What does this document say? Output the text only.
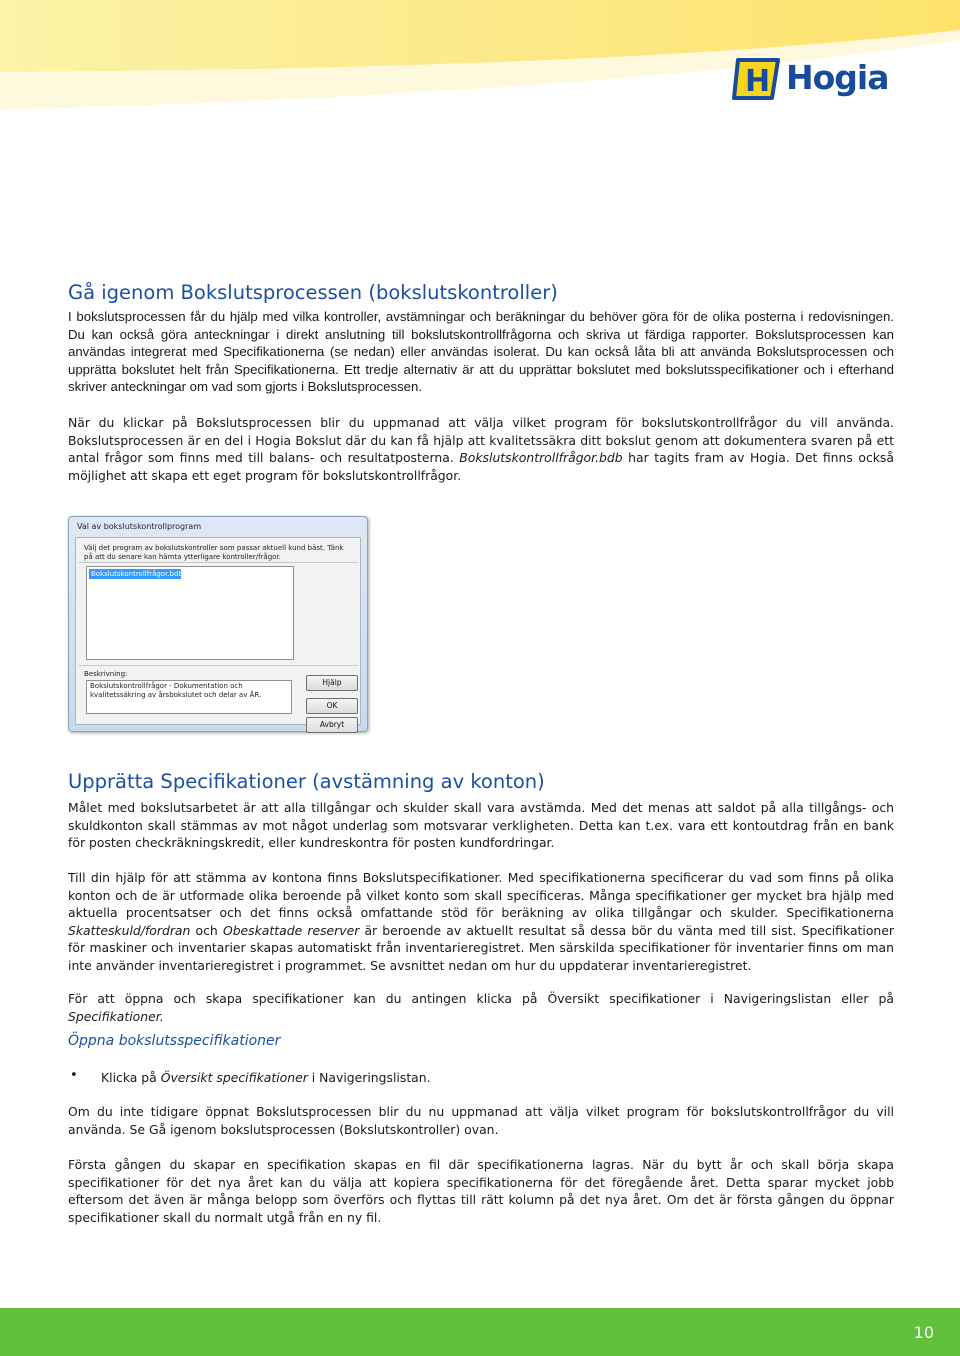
H Hogia
Gå igenom Bokslutsprocessen (bokslutskontroller)

I bokslutsprocessen får du hjälp med vilka kontroller, avstämningar och beräkningar du behöver göra för de olika posterna i redovisningen. Du kan också göra anteckningar i direkt anslutning till bokslutskontrollfrågorna och skriva ut färdiga rapporter. Bokslutsprocessen kan användas integrerat med Specifikationerna (se nedan) eller användas isolerat. Du kan också låta bli att använda Bokslutsprocessen och upprätta bokslutet helt från Specifikationerna. Ett tredje alternativ är att du upprättar bokslutet med bokslutsspecifikationer och i efterhand skriver anteckningar om vad som gjorts i Bokslutsprocessen.

När du klickar på Bokslutsprocessen blir du uppmanad att välja vilket program för bokslutskontrollfrågor du vill använda. Bokslutsprocessen är en del i Hogia Bokslut där du kan få hjälp att kvalitetssäkra ditt bokslut genom att dokumentera svaren på ett antal frågor som finns med till balans- och resultatposterna. Bokslutskontrollfrågor.bdb har tagits fram av Hogia. Det finns också möjlighet att skapa ett eget program för bokslutskontrollfrågor.

Val av bokslutskontrollprogram
Välj det program av bokslutskontroller som passar aktuell kund bäst. Tänk på att du senare kan hämta ytterligare kontroller/frågor.
Bokslutskontrollfrågor.bdb
Beskrivning:
Bokslutskontrollfrågor - Dokumentation och kvalitetssäkring av årsbokslutet och delar av ÅR.
Hjälp
OK
Avbryt
Upprätta Specifikationer (avstämning av konton)

Målet med bokslutsarbetet är att alla tillgångar och skulder skall vara avstämda. Med det menas att saldot på alla tillgångs- och skuldkonton skall stämmas av mot något underlag som motsvarar verkligheten. Detta kan t.ex. vara ett kontoutdrag från en bank för posten checkräkningskredit, eller kundreskontra för posten kundfordringar.

Till din hjälp för att stämma av kontona finns Bokslutspecifikationer. Med specifikationerna specificerar du vad som finns på olika konton och de är utformade olika beroende på vilket konto som skall specificeras. Många specifikationer ger mycket bra hjälp med aktuella procentsatser och det finns också omfattande stöd för beräkning av olika tillgångar och skulder. Specifikationerna Skatteskuld/fordran och Obeskattade reserver är beroende av aktuellt resultat så dessa bör du vänta med till sist. Specifikationer för maskiner och inventarier skapas automatiskt från inventarieregistret. Men särskilda specifikationer för inventarier finns om man inte använder inventarieregistret i programmet. Se avsnittet nedan om hur du uppdaterar inventarieregistret.

För att öppna och skapa specifikationer kan du antingen klicka på Översikt specifikationer i Navigeringslistan eller på Specifikationer.

Öppna bokslutsspecifikationer
• Klicka på Översikt specifikationer i Navigeringslistan.

Om du inte tidigare öppnat Bokslutsprocessen blir du nu uppmanad att välja vilket program för bokslutskontrollfrågor du vill använda. Se Gå igenom bokslutsprocessen (Bokslutskontroller) ovan.

Första gången du skapar en specifikation skapas en fil där specifikationerna lagras. När du bytt år och skall börja skapa specifikationer för det nya året kan du välja att kopiera specifikationerna för det föregående året. Detta sparar mycket jobb eftersom det även är många belopp som överförs och flyttas till rätt kolumn på det nya året. Om det är första gången du öppnar specifikationer skall du normalt utgå från en ny fil.

10
